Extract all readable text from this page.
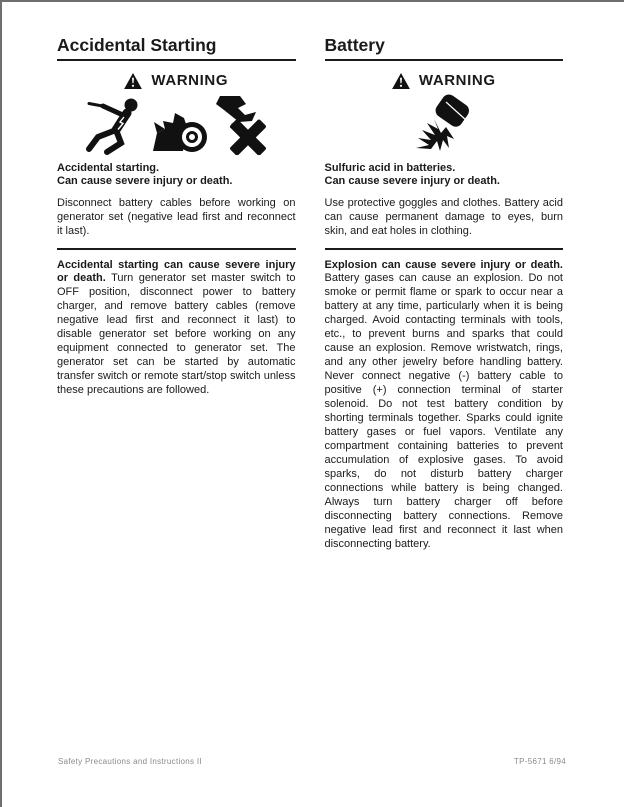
Accidental Starting
WARNING
Accidental starting.
Can cause severe injury or death.

Disconnect battery cables before working on generator set (negative lead first and reconnect it last).

Accidental starting can cause severe injury or death. Turn generator set master switch to OFF position, disconnect power to battery charger, and remove battery cables (remove negative lead first and reconnect it last) to disable generator set before working on any equipment connected to generator set. The generator set can be started by automatic transfer switch or remote start/stop switch unless these precautions are followed.

Battery
WARNING
Sulfuric acid in batteries.
Can cause severe injury or death.

Use protective goggles and clothes. Battery acid can cause permanent damage to eyes, burn skin, and eat holes in clothing.

Explosion can cause severe injury or death. Battery gases can cause an explosion. Do not smoke or permit flame or spark to occur near a battery at any time, particularly when it is being charged. Avoid contacting terminals with tools, etc., to prevent burns and sparks that could cause an explosion. Remove wristwatch, rings, and any other jewelry before handling battery. Never connect negative (-) battery cable to positive (+) connection terminal of starter solenoid. Do not test battery condition by shorting terminals together. Sparks could ignite battery gases or fuel vapors. Ventilate any compartment containing batteries to prevent accumulation of explosive gases. To avoid sparks, do not disturb battery charger connections while battery is being changed. Always turn battery charger off before disconnecting battery connections. Remove negative lead first and reconnect it last when disconnecting battery.

Safety Precautions and Instructions II	TP-5671 6/94
